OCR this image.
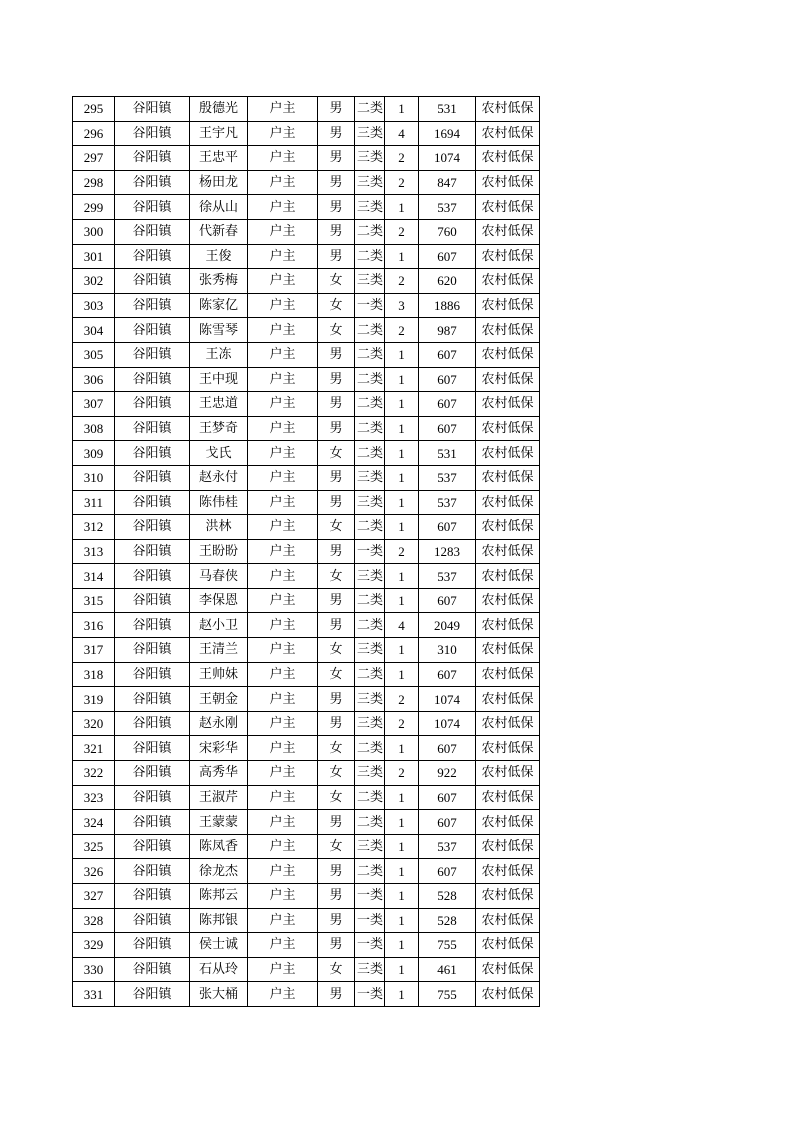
295	谷阳镇	殷德光	户主	男	二类	1	531	农村低保
296	谷阳镇	王宇凡	户主	男	三类	4	1694	农村低保
297	谷阳镇	王忠平	户主	男	三类	2	1074	农村低保
298	谷阳镇	杨田龙	户主	男	三类	2	847	农村低保
299	谷阳镇	徐从山	户主	男	三类	1	537	农村低保
300	谷阳镇	代新春	户主	男	二类	2	760	农村低保
301	谷阳镇	王俊	户主	男	二类	1	607	农村低保
302	谷阳镇	张秀梅	户主	女	三类	2	620	农村低保
303	谷阳镇	陈家亿	户主	女	一类	3	1886	农村低保
304	谷阳镇	陈雪琴	户主	女	二类	2	987	农村低保
305	谷阳镇	王冻	户主	男	二类	1	607	农村低保
306	谷阳镇	王中现	户主	男	二类	1	607	农村低保
307	谷阳镇	王忠道	户主	男	二类	1	607	农村低保
308	谷阳镇	王梦奇	户主	男	二类	1	607	农村低保
309	谷阳镇	戈氏	户主	女	二类	1	531	农村低保
310	谷阳镇	赵永付	户主	男	三类	1	537	农村低保
311	谷阳镇	陈伟桂	户主	男	三类	1	537	农村低保
312	谷阳镇	洪林	户主	女	二类	1	607	农村低保
313	谷阳镇	王盼盼	户主	男	一类	2	1283	农村低保
314	谷阳镇	马春侠	户主	女	三类	1	537	农村低保
315	谷阳镇	李保恩	户主	男	二类	1	607	农村低保
316	谷阳镇	赵小卫	户主	男	二类	4	2049	农村低保
317	谷阳镇	王清兰	户主	女	三类	1	310	农村低保
318	谷阳镇	王帅妹	户主	女	二类	1	607	农村低保
319	谷阳镇	王朝金	户主	男	三类	2	1074	农村低保
320	谷阳镇	赵永刚	户主	男	三类	2	1074	农村低保
321	谷阳镇	宋彩华	户主	女	二类	1	607	农村低保
322	谷阳镇	高秀华	户主	女	三类	2	922	农村低保
323	谷阳镇	王淑芹	户主	女	二类	1	607	农村低保
324	谷阳镇	王蒙蒙	户主	男	二类	1	607	农村低保
325	谷阳镇	陈凤香	户主	女	三类	1	537	农村低保
326	谷阳镇	徐龙杰	户主	男	二类	1	607	农村低保
327	谷阳镇	陈邦云	户主	男	一类	1	528	农村低保
328	谷阳镇	陈邦银	户主	男	一类	1	528	农村低保
329	谷阳镇	侯士诚	户主	男	一类	1	755	农村低保
330	谷阳镇	石从玲	户主	女	三类	1	461	农村低保
331	谷阳镇	张大桶	户主	男	一类	1	755	农村低保
